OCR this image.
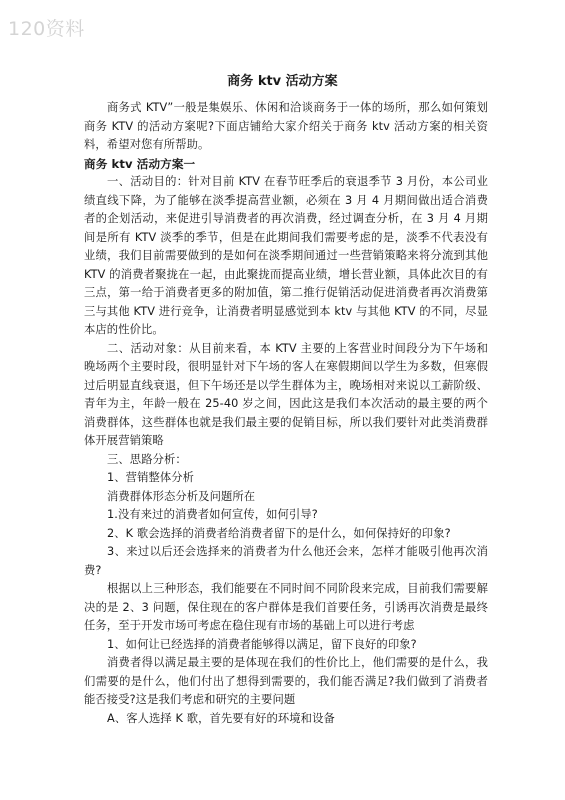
120资料
商务 ktv 活动方案

商务式 KTV”一般是集娱乐、休闲和洽谈商务于一体的场所，那么如何策划商务 KTV 的活动方案呢?下面店铺给大家介绍关于商务 ktv 活动方案的相关资料，希望对您有所帮助。

商务 ktv 活动方案一

一、活动目的：针对目前 KTV 在春节旺季后的衰退季节 3 月份，本公司业绩直线下降，为了能够在淡季提高营业额，必须在 3 月 4 月期间做出适合消费者的企划活动，来促进引导消费者的再次消费，经过调查分析，在 3 月 4 月期间是所有 KTV 淡季的季节，但是在此期间我们需要考虑的是，淡季不代表没有业绩，我们目前需要做到的是如何在淡季期间通过一些营销策略来将分流到其他 KTV 的消费者聚拢在一起，由此聚拢而提高业绩，增长营业额，具体此次目的有三点，第一给于消费者更多的附加值，第二推行促销活动促进消费者再次消费第三与其他 KTV 进行竞争，让消费者明显感觉到本 ktv 与其他 KTV 的不同，尽显本店的性价比。

二、活动对象：从目前来看，本 KTV 主要的上客营业时间段分为下午场和晚场两个主要时段，很明显针对下午场的客人在寒假期间以学生为多数，但寒假过后明显直线衰退，但下午场还是以学生群体为主，晚场相对来说以工薪阶级、青年为主，年龄一般在 25-40 岁之间，因此这是我们本次活动的最主要的两个消费群体，这些群体也就是我们最主要的促销目标，所以我们要针对此类消费群体开展营销策略

三、思路分析：

1、营销整体分析

消费群体形态分析及问题所在

1.没有来过的消费者如何宣传，如何引导?

2、K 歌会选择的消费者给消费者留下的是什么，如何保持好的印象?

3、来过以后还会选择来的消费者为什么他还会来，怎样才能吸引他再次消费?

根据以上三种形态，我们能要在不同时间不同阶段来完成，目前我们需要解决的是 2、3 问题，保住现在的客户群体是我们首要任务，引诱再次消费是最终任务，至于开发市场可考虑在稳住现有市场的基础上可以进行考虑

1、如何让已经选择的消费者能够得以满足，留下良好的印象?

消费者得以满足最主要的是体现在我们的性价比上，他们需要的是什么，我们需要的是什么，他们付出了想得到需要的，我们能否满足?我们做到了消费者能否接受?这是我们考虑和研究的主要问题

A、客人选择 K 歌，首先要有好的环境和设备
